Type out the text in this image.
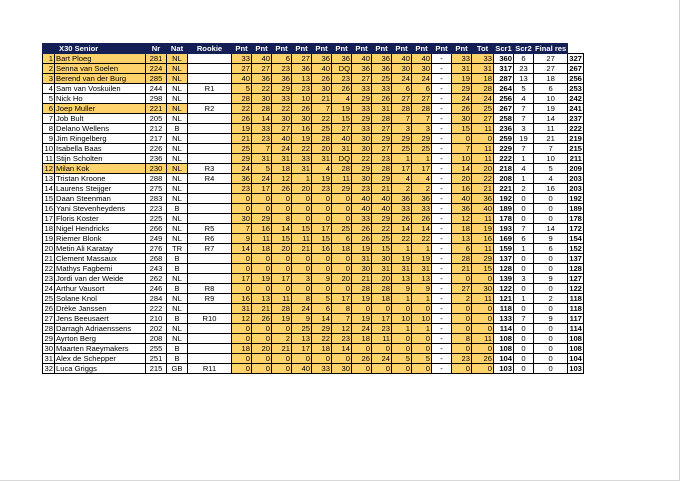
X30 Senior		Nr	Nat	Rookie	Pnt	Pnt	Pnt	Pnt	Pnt	Pnt	Pnt	Pnt	Pnt	Pnt	Pnt	Pnt	Tot	Scr1	Scr2	Final res	
1	Bart Ploeg	281	NL		33	40	6	27	36	36	40	36	40	40	-	33	33	360	6	27	327
2	Senna van Soelen	224	NL		27	27	23	36	40	DQ	36	36	30	30	-	31	31	317	23	27	267
3	Berend van der Burg	285	NL		40	36	36	13	26	23	27	25	24	24	-	19	18	287	13	18	256
4	Sam van Voskuilen	244	NL	R1	5	22	29	23	30	26	33	33	6	6	-	29	28	264	5	6	253
5	Nick Ho	298	NL		28	30	33	10	21	4	29	26	27	27	-	24	24	256	4	10	242
6	Joep Muller	221	NL	R2	22	28	22	26	7	19	33	31	28	28	-	26	25	267	7	19	241
7	Job Bult	205	NL		26	14	30	30	22	15	29	28	7	7	-	30	27	258	7	14	237
8	Delano Wellens	212	B		19	33	27	16	25	27	33	27	3	3	-	15	11	236	3	11	222
9	Jim Ringelberg	217	NL		21	23	40	19	28	40	30	29	29	29	-	0	0	259	19	21	219
10	Isabella Baas	226	NL		25	7	24	22	20	31	30	27	25	25	-	7	11	229	7	7	215
11	Stijn Scholten	236	NL		29	31	31	33	31	DQ	22	23	1	1	-	10	11	222	1	10	211
12	Milan Kok	230	NL	R3	24	5	18	31	4	28	29	28	17	17	-	14	20	218	4	5	209
13	Tristan Kroone	288	NL	R4	36	24	12	1	19	11	30	29	4	4	-	20	22	208	1	4	203
14	Laurens Steijger	275	NL		23	17	26	20	23	29	23	21	2	2	-	16	21	221	2	16	203
15	Daan Steenman	283	NL		0	0	0	0	0	0	40	40	36	36	-	40	36	192	0	0	192
16	Yani Stevenheydens	223	B		0	0	0	0	0	0	40	40	33	33	-	36	40	189	0	0	189
17	Floris Koster	225	NL		30	29	8	0	0	0	33	29	26	26	-	12	11	178	0	0	178
18	Nigel Hendricks	266	NL	R5	7	16	14	15	17	25	26	22	14	14	-	18	19	193	7	14	172
19	Riemer Blonk	249	NL	R6	9	11	15	11	15	6	26	25	22	22	-	13	16	169	6	9	154
20	Metin Ali Karatay	276	TR	R7	14	18	20	21	16	18	19	15	1	1	-	6	11	159	1	6	152
21	Clement Massaux	268	B		0	0	0	0	0	0	31	30	19	19	-	28	29	137	0	0	137
22	Mathys Fagbemi	243	B		0	0	0	0	0	0	30	31	31	31	-	21	15	128	0	0	128
23	Jordi van der Weide	262	NL		17	19	17	3	9	20	21	20	13	13	-	0	0	139	3	9	127
24	Arthur Vausort	246	B	R8	0	0	0	0	0	0	28	28	9	9	-	27	30	122	0	0	122
25	Solane Knol	284	NL	R9	16	13	11	8	5	17	19	18	1	1	-	2	11	121	1	2	118
26	Drèke Janssen	222	NL		31	21	28	24	6	8	0	0	0	0	-	0	0	118	0	0	118
27	Jens Beeusaert	210	B	R10	12	26	19	9	14	7	19	17	10	10	-	0	0	133	7	9	117
28	Darragh Adriaenssens	202	NL		0	0	0	25	29	12	24	23	1	1	-	0	0	114	0	0	114
29	Ayrton Berg	208	NL		0	0	2	13	22	23	18	11	0	0	-	8	11	108	0	0	108
30	Maarten Raeymakers	255	B		18	20	21	17	18	14	0	0	0	0	-	0	0	108	0	0	108
31	Alex de Schepper	251	B		0	0	0	0	0	0	26	24	5	5	-	23	26	104	0	0	104
32	Luca Griggs	215	GB	R11	0	0	0	40	33	30	0	0	0	0	-	0	0	103	0	0	103
